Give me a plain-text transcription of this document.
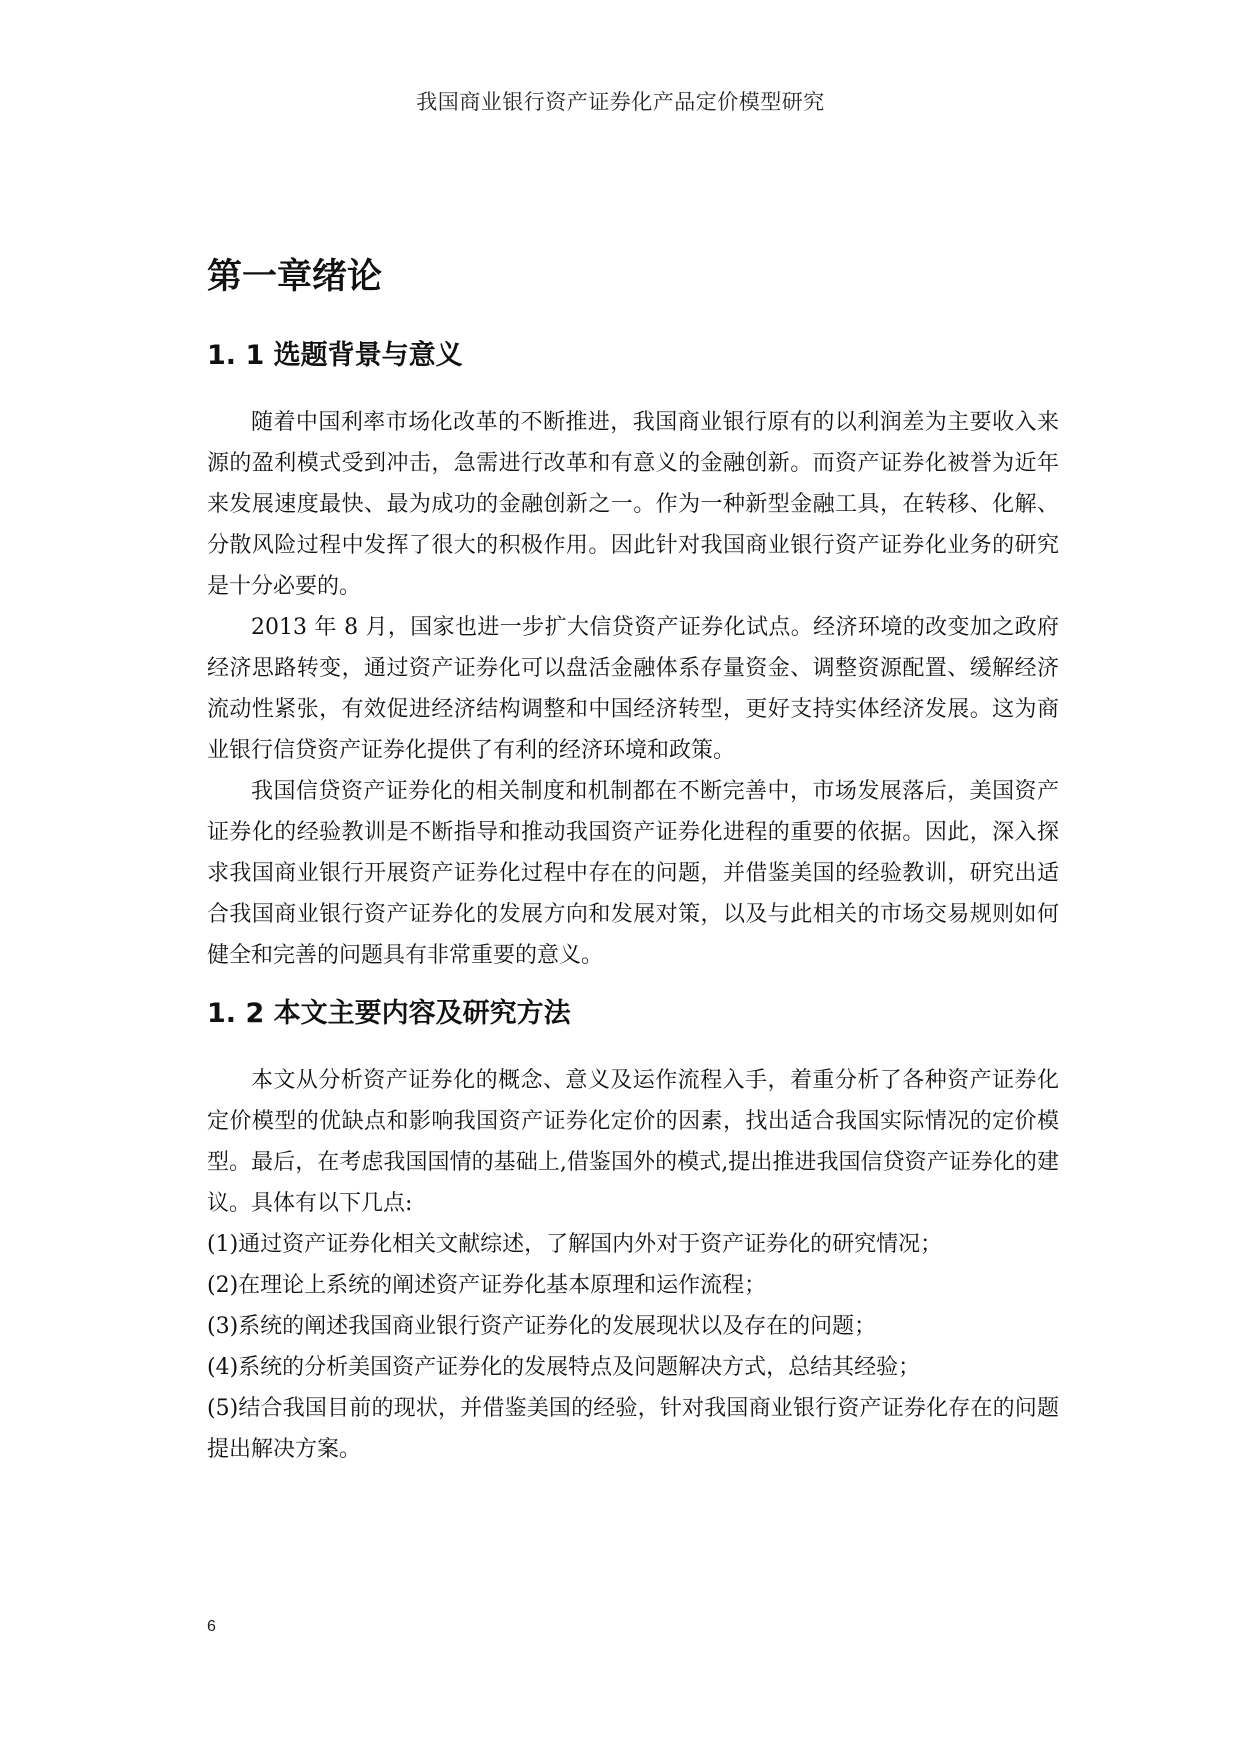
我国商业银行资产证券化产品定价模型研究
第一章绪论
1. 1 选题背景与意义

随着中国利率市场化改革的不断推进，我国商业银行原有的以利润差为主要收入来源的盈利模式受到冲击，急需进行改革和有意义的金融创新。而资产证券化被誉为近年来发展速度最快、最为成功的金融创新之一。作为一种新型金融工具，在转移、化解、分散风险过程中发挥了很大的积极作用。因此针对我国商业银行资产证券化业务的研究是十分必要的。

2013 年 8 月，国家也进一步扩大信贷资产证券化试点。经济环境的改变加之政府经济思路转变，通过资产证券化可以盘活金融体系存量资金、调整资源配置、缓解经济流动性紧张，有效促进经济结构调整和中国经济转型，更好支持实体经济发展。这为商业银行信贷资产证券化提供了有利的经济环境和政策。

我国信贷资产证券化的相关制度和机制都在不断完善中，市场发展落后，美国资产证券化的经验教训是不断指导和推动我国资产证券化进程的重要的依据。因此，深入探求我国商业银行开展资产证券化过程中存在的问题，并借鉴美国的经验教训，研究出适合我国商业银行资产证券化的发展方向和发展对策，以及与此相关的市场交易规则如何健全和完善的问题具有非常重要的意义。

1. 2 本文主要内容及研究方法

本文从分析资产证券化的概念、意义及运作流程入手，着重分析了各种资产证券化定价模型的优缺点和影响我国资产证券化定价的因素，找出适合我国实际情况的定价模型。最后，在考虑我国国情的基础上,借鉴国外的模式,提出推进我国信贷资产证券化的建议。具体有以下几点:

(1)通过资产证券化相关文献综述，了解国内外对于资产证券化的研究情况；
(2)在理论上系统的阐述资产证券化基本原理和运作流程；
(3)系统的阐述我国商业银行资产证券化的发展现状以及存在的问题；
(4)系统的分析美国资产证券化的发展特点及问题解决方式，总结其经验；
(5)结合我国目前的现状，并借鉴美国的经验，针对我国商业银行资产证券化存在的问题提出解决方案。
6
